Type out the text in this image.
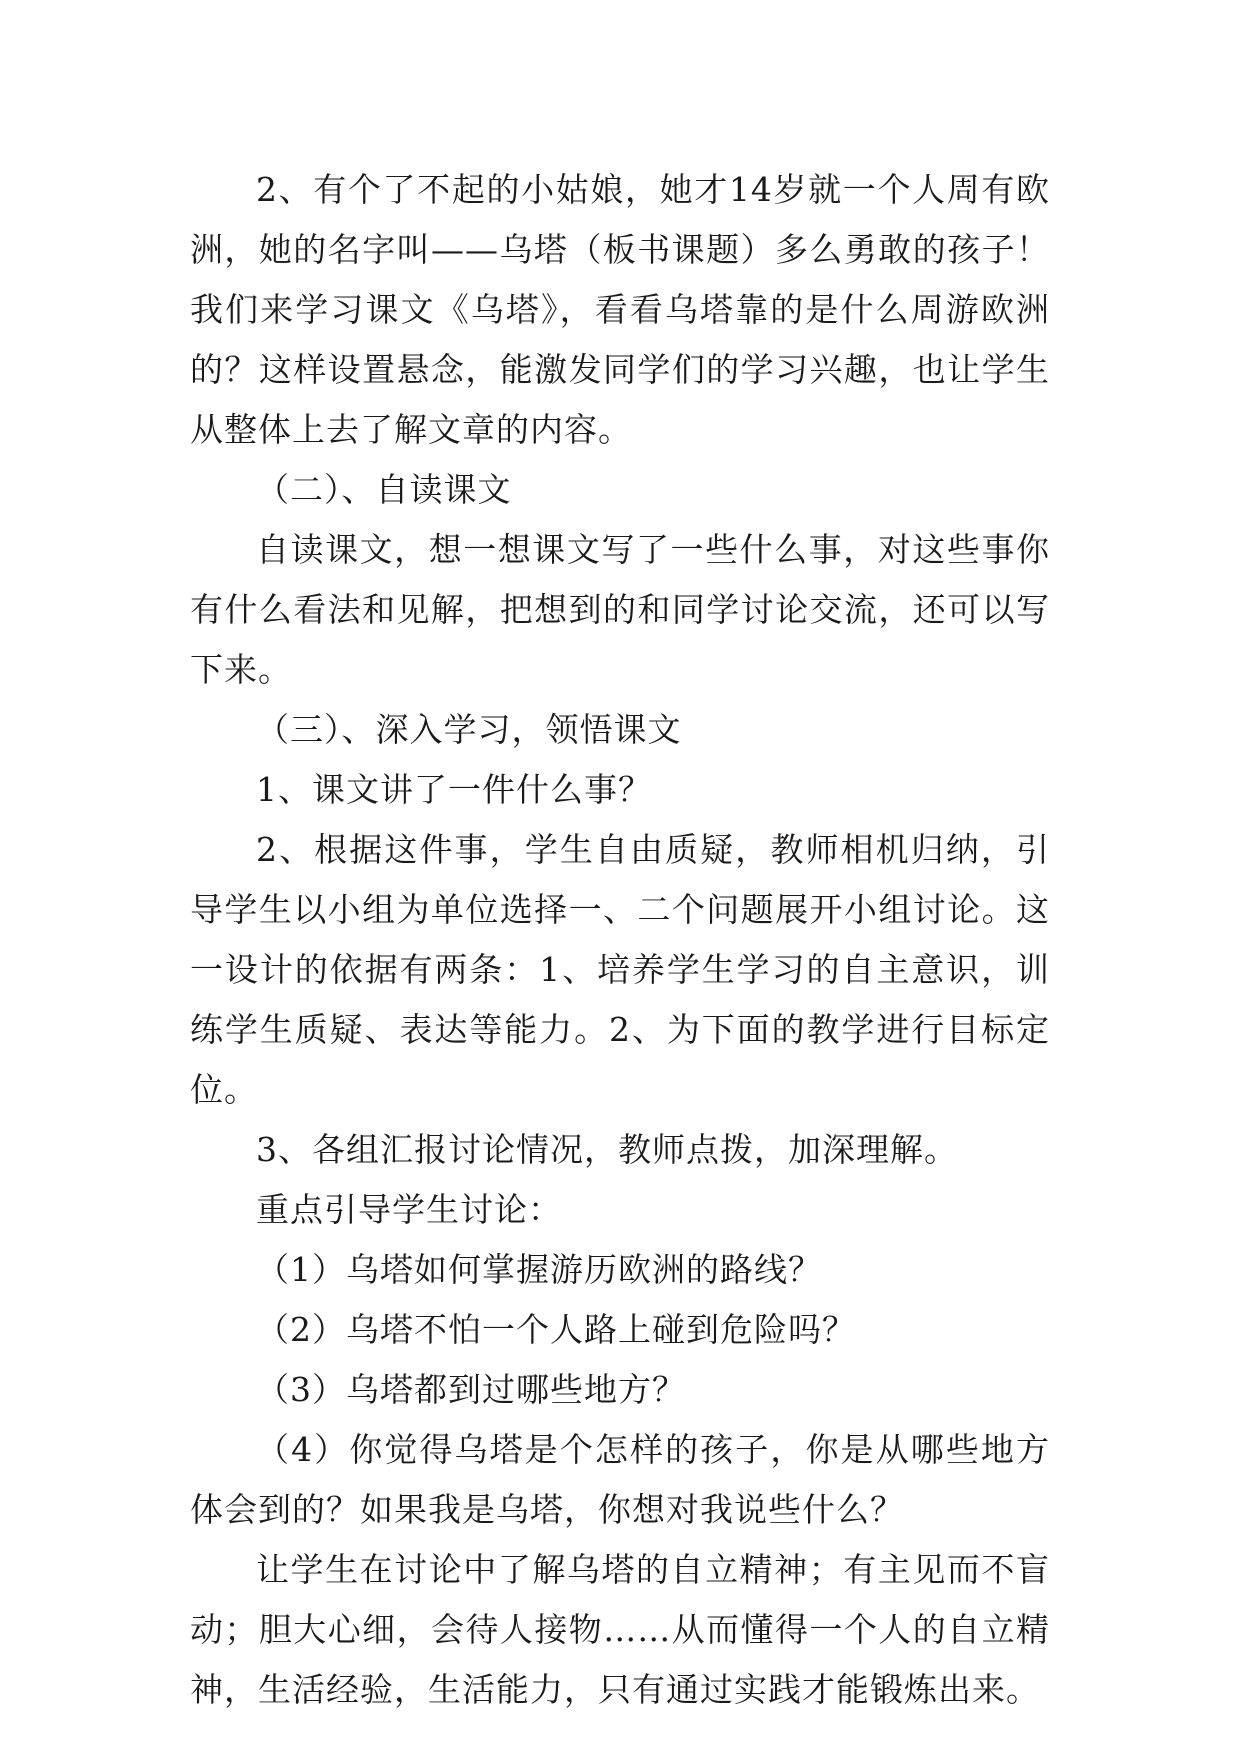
2、有个了不起的小姑娘，她才14岁就一个人周有欧洲，她的名字叫——乌塔（板书课题）多么勇敢的孩子！我们来学习课文《乌塔》，看看乌塔靠的是什么周游欧洲的？这样设置悬念，能激发同学们的学习兴趣，也让学生从整体上去了解文章的内容。

（二）、自读课文

自读课文，想一想课文写了一些什么事，对这些事你有什么看法和见解，把想到的和同学讨论交流，还可以写下来。

（三）、深入学习，领悟课文

1、课文讲了一件什么事？

2、根据这件事，学生自由质疑，教师相机归纳，引导学生以小组为单位选择一、二个问题展开小组讨论。这一设计的依据有两条：1、培养学生学习的自主意识，训练学生质疑、表达等能力。2、为下面的教学进行目标定位。

3、各组汇报讨论情况，教师点拨，加深理解。

重点引导学生讨论：

（1）乌塔如何掌握游历欧洲的路线？

（2）乌塔不怕一个人路上碰到危险吗？

（3）乌塔都到过哪些地方？

（4）你觉得乌塔是个怎样的孩子，你是从哪些地方体会到的？如果我是乌塔，你想对我说些什么？

让学生在讨论中了解乌塔的自立精神；有主见而不盲动；胆大心细，会待人接物……从而懂得一个人的自立精神，生活经验，生活能力，只有通过实践才能锻炼出来。
